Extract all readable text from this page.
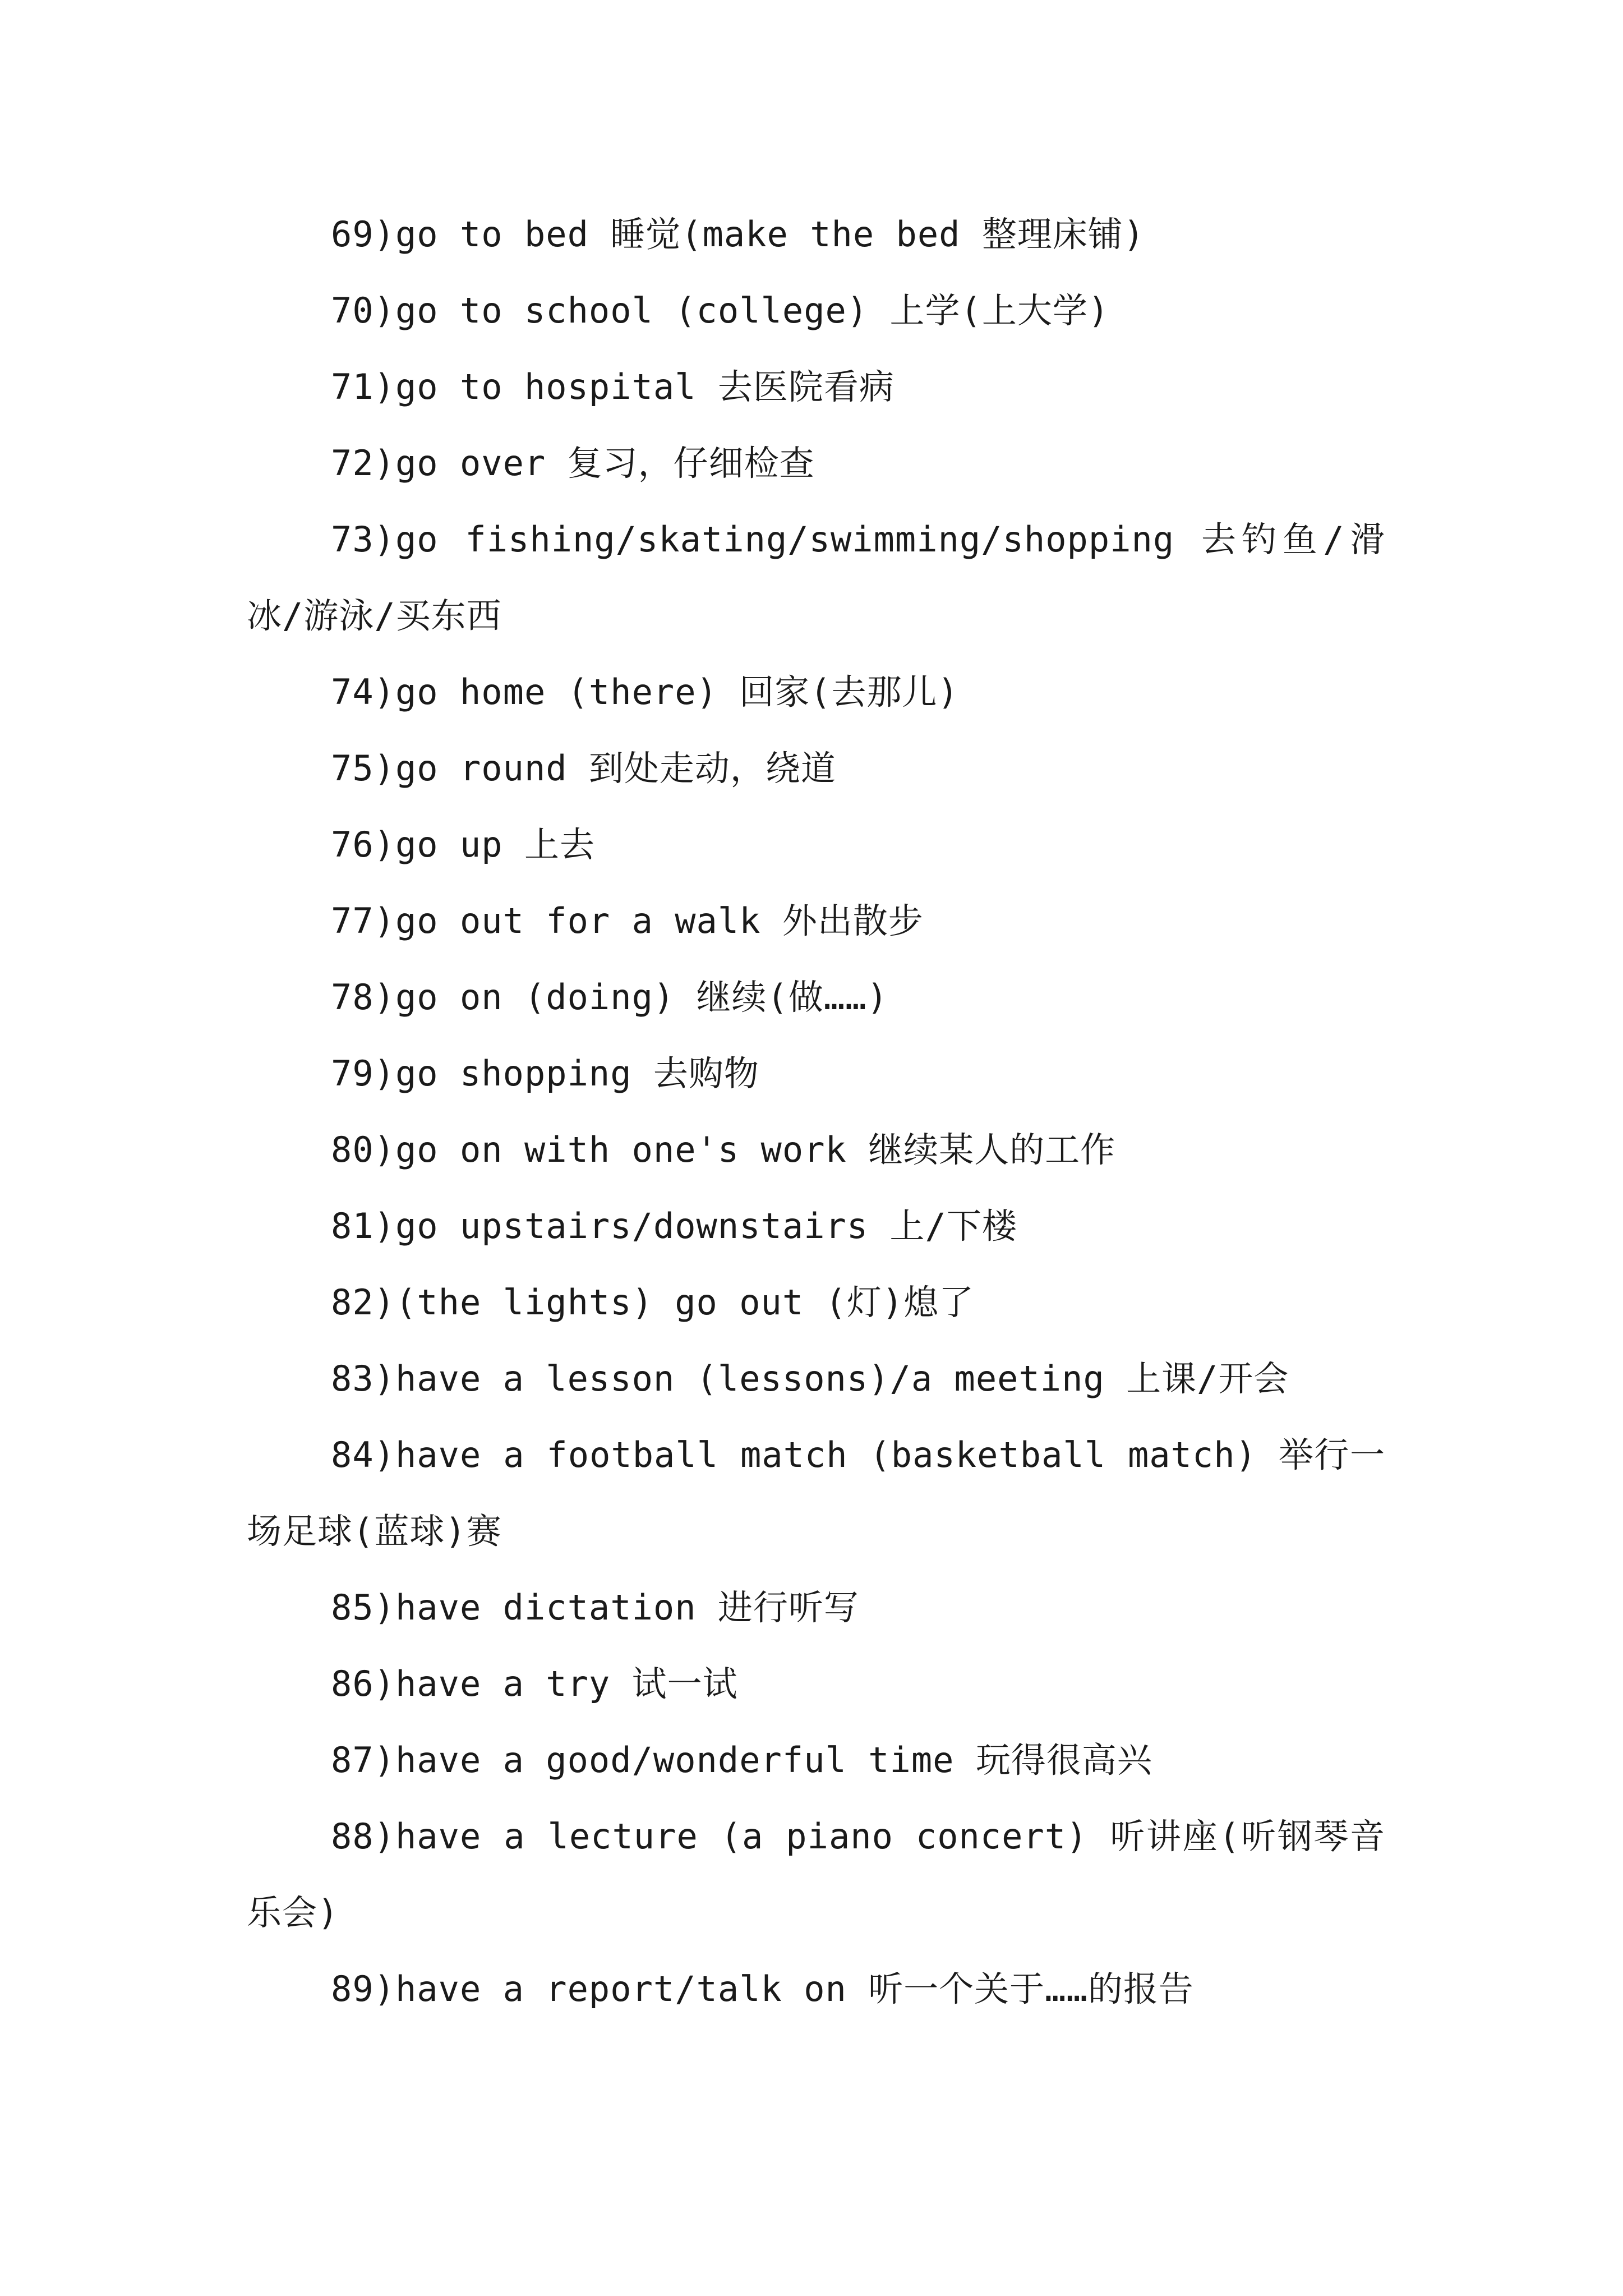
69)go to bed 睡觉(make the bed 整理床铺)
70)go to school (college) 上学(上大学)
71)go to hospital 去医院看病
72)go over 复习，仔细检查
73)go fishing/skating/swimming/shopping 去钓鱼/滑冰/游泳/买东西
74)go home (there) 回家(去那儿)
75)go round 到处走动，绕道
76)go up 上去
77)go out for a walk 外出散步
78)go on (doing) 继续(做……)
79)go shopping 去购物
80)go on with one's work 继续某人的工作
81)go upstairs/downstairs 上/下楼
82)(the lights) go out (灯)熄了
83)have a lesson (lessons)/a meeting 上课/开会
84)have a football match (basketball match) 举行一场足球(蓝球)赛
85)have dictation 进行听写
86)have a try 试一试
87)have a good/wonderful time 玩得很高兴
88)have a lecture (a piano concert) 听讲座(听钢琴音乐会)
89)have a report/talk on 听一个关于……的报告
